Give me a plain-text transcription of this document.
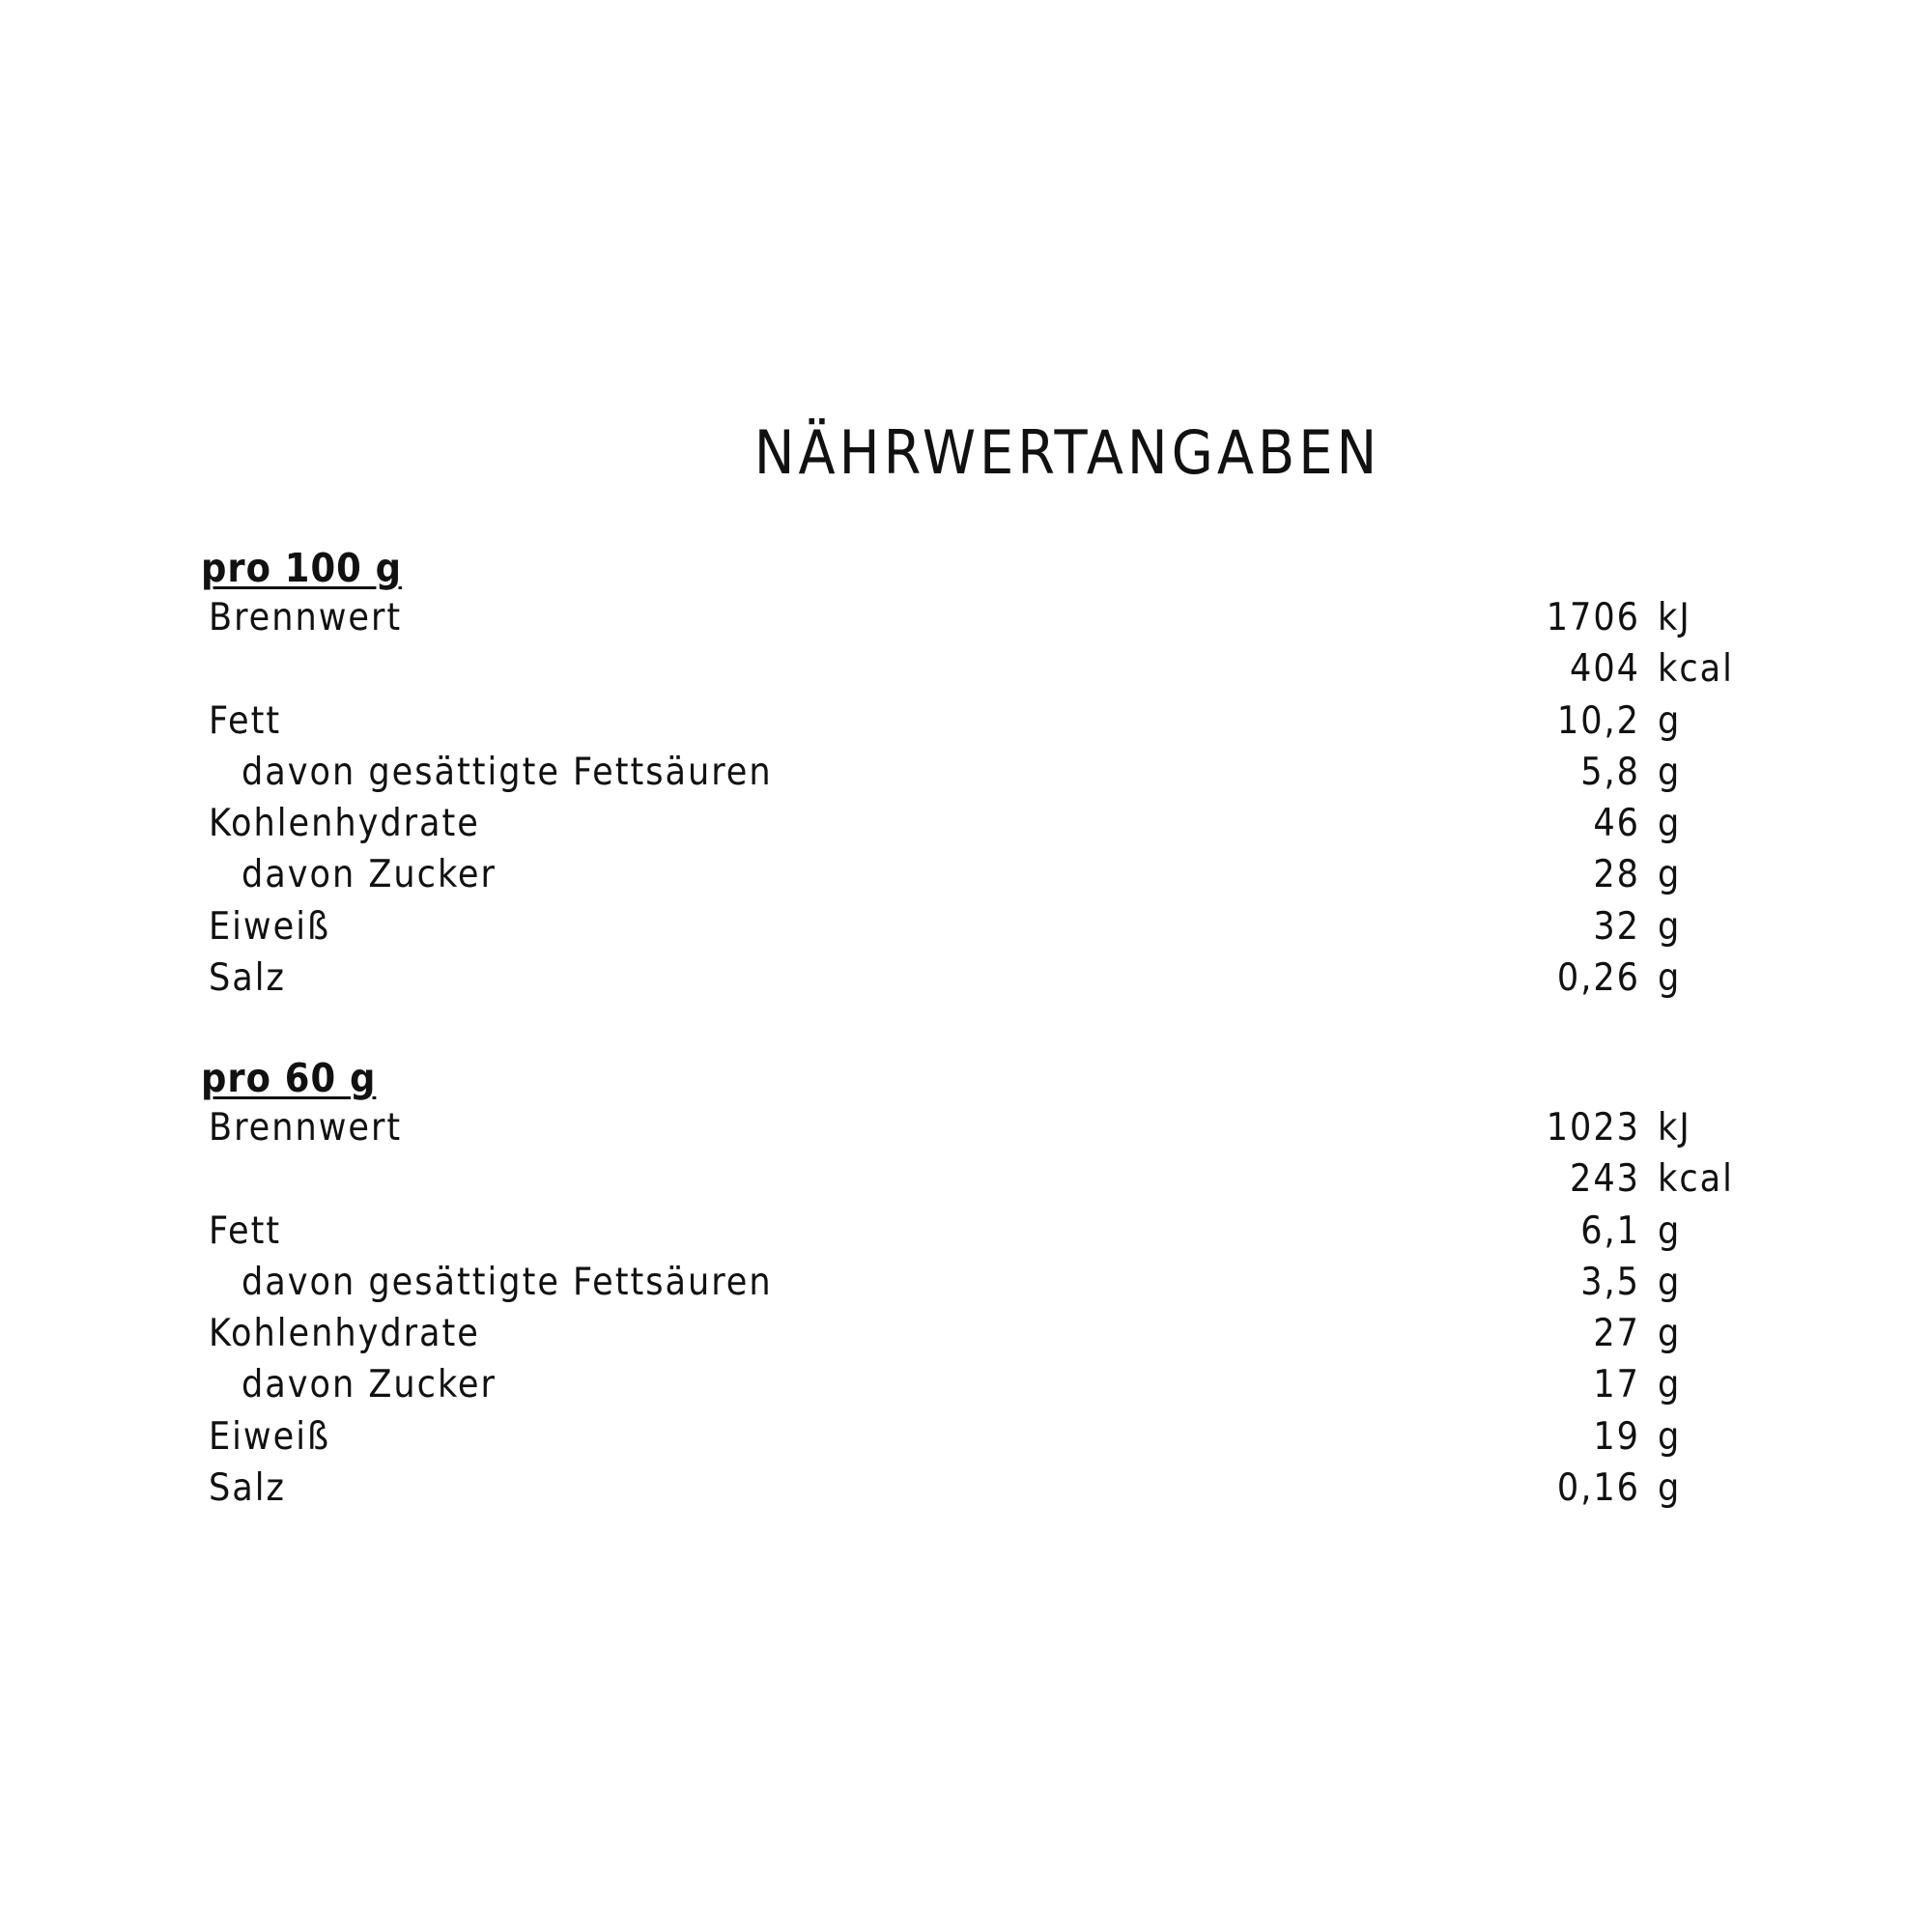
NÄHRWERTANGABEN
pro 100 g
Brennwert	1706 kJ
404 kcal
Fett	10,2 g
davon gesättigte Fettsäuren	5,8 g
Kohlenhydrate	46 g
davon Zucker	28 g
Eiweiß	32 g
Salz	0,26 g
pro 60 g
Brennwert	1023 kJ
243 kcal
Fett	6,1 g
davon gesättigte Fettsäuren	3,5 g
Kohlenhydrate	27 g
davon Zucker	17 g
Eiweiß	19 g
Salz	0,16 g
